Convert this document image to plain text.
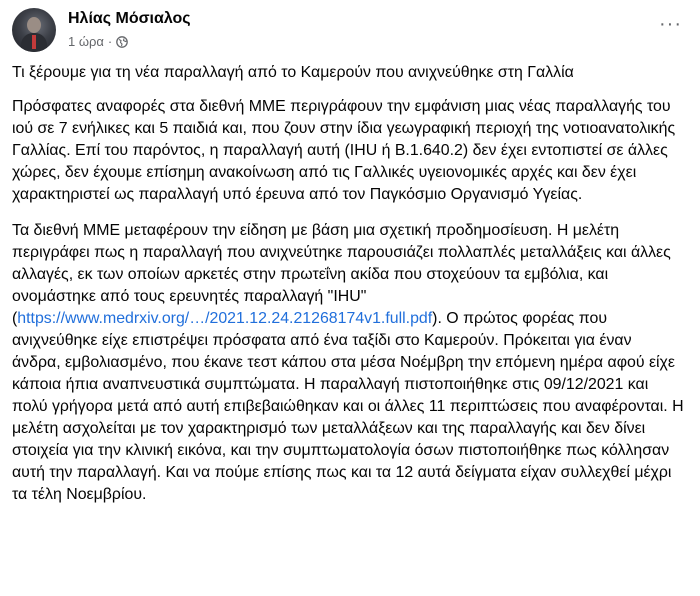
Ηλίας Μόσιαλος
1 ώρα ·
···

Τι ξέρουμε για τη νέα παραλλαγή από το Καμερούν που ανιχνεύθηκε στη Γαλλία

Πρόσφατες αναφορές στα διεθνή ΜΜΕ περιγράφουν την εμφάνιση μιας νέας παραλλαγής του ιού σε 7 ενήλικες και 5 παιδιά και, που ζουν στην ίδια γεωγραφική περιοχή της νοτιοανατολικής Γαλλίας. Επί του παρόντος, η παραλλαγή αυτή (IHU ή B.1.640.2) δεν έχει εντοπιστεί σε άλλες χώρες, δεν έχουμε επίσημη ανακοίνωση από τις Γαλλικές υγειονομικές αρχές και δεν έχει χαρακτηριστεί ως παραλλαγή υπό έρευνα από τον Παγκόσμιο Οργανισμό Υγείας.

Τα διεθνή ΜΜΕ μεταφέρουν την είδηση με βάση μια σχετική προδημοσίευση. Η μελέτη περιγράφει πως η παραλλαγή που ανιχνεύτηκε παρουσιάζει πολλαπλές μεταλλάξεις και άλλες αλλαγές, εκ των οποίων αρκετές στην πρωτεΐνη ακίδα που στοχεύουν τα εμβόλια, και ονομάστηκε από τους ερευνητές παραλλαγή "IHU" (https://www.medrxiv.org/…/2021.12.24.21268174v1.full.pdf). Ο πρώτος φορέας που ανιχνεύθηκε είχε επιστρέψει πρόσφατα από ένα ταξίδι στο Καμερούν. Πρόκειται για έναν άνδρα, εμβολιασμένο, που έκανε τεστ κάπου στα μέσα Νοέμβρη την επόμενη ημέρα αφού είχε κάποια ήπια αναπνευστικά συμπτώματα. Η παραλλαγή πιστοποιήθηκε στις 09/12/2021 και πολύ γρήγορα μετά από αυτή επιβεβαιώθηκαν και οι άλλες 11 περιπτώσεις που αναφέρονται. Η μελέτη ασχολείται με τον χαρακτηρισμό των μεταλλάξεων και της παραλλαγής και δεν δίνει στοιχεία για την κλινική εικόνα, και την συμπτωματολογία όσων πιστοποιήθηκε πως κόλλησαν αυτή την παραλλαγή. Και να πούμε επίσης πως και τα 12 αυτά δείγματα είχαν συλλεχθεί μέχρι τα τέλη Νοεμβρίου.
